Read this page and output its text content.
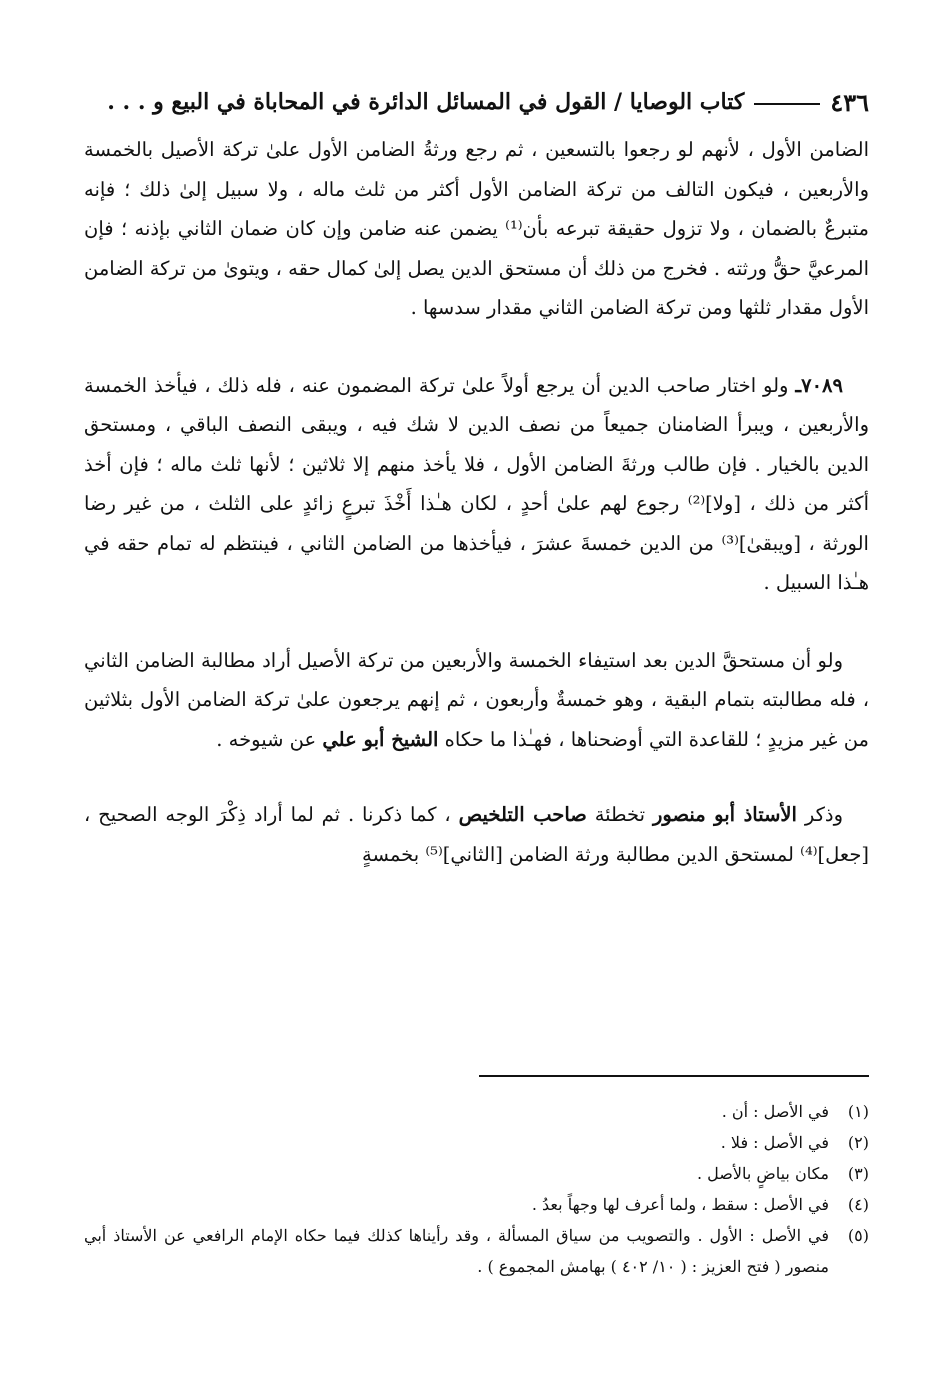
٤٣٦
كتاب الوصايا / القول في المسائل الدائرة في المحاباة في البيع و . . .

الضامن الأول ، لأنهم لو رجعوا بالتسعين ، ثم رجع ورثةُ الضامن الأول علىٰ تركة الأصيل بالخمسة والأربعين ، فيكون التالف من تركة الضامن الأول أكثر من ثلث ماله ، ولا سبيل إلىٰ ذلك ؛ فإنه متبرعٌ بالضمان ، ولا تزول حقيقة تبرعه بأن⁽¹⁾ يضمن عنه ضامن وإن كان ضمان الثاني بإذنه ؛ فإن المرعيَّ حقُّ ورثته . فخرج من ذلك أن مستحق الدين يصل إلىٰ كمال حقه ، ويتوىٰ من تركة الضامن الأول مقدار ثلثها ومن تركة الضامن الثاني مقدار سدسها .

٧٠٨٩ـ ولو اختار صاحب الدين أن يرجع أولاً علىٰ تركة المضمون عنه ، فله ذلك ، فيأخذ الخمسة والأربعين ، ويبرأ الضامنان جميعاً من نصف الدين لا شك فيه ، ويبقى النصف الباقي ، ومستحق الدين بالخيار . فإن طالب ورثةَ الضامن الأول ، فلا يأخذ منهم إلا ثلاثين ؛ لأنها ثلث ماله ؛ فإن أخذ أكثر من ذلك ، [ولا]⁽²⁾ رجوع لهم علىٰ أحدٍ ، لكان هـٰذا أَخْذَ تبرعٍ زائدٍ على الثلث ، من غير رضا الورثة ، [ويبقىٰ]⁽³⁾ من الدين خمسةَ عشرَ ، فيأخذها من الضامن الثاني ، فينتظم له تمام حقه في هـٰذا السبيل .

ولو أن مستحقَّ الدين بعد استيفاء الخمسة والأربعين من تركة الأصيل أراد مطالبة الضامن الثاني ، فله مطالبته بتمام البقية ، وهو خمسةٌ وأربعون ، ثم إنهم يرجعون علىٰ تركة الضامن الأول بثلاثين من غير مزيدٍ ؛ للقاعدة التي أوضحناها ، فهـٰذا ما حكاه الشيخ أبو علي عن شيوخه .

وذكر الأستاذ أبو منصور تخطئة صاحب التلخيص ، كما ذكرنا . ثم لما أراد ذِكْرَ الوجه الصحيح ، [جعل]⁽⁴⁾ لمستحق الدين مطالبة ورثة الضامن [الثاني]⁽⁵⁾ بخمسةٍ

(١)
في الأصل : أن .
(٢)
في الأصل : فلا .
(٣)
مكان بياضٍ بالأصل .
(٤)
في الأصل : سقط ، ولما أعرف لها وجهاً بعدُ .
(٥)
في الأصل : الأول . والتصويب من سياق المسألة ، وقد رأيناها كذلك فيما حكاه الإمام الرافعي عن الأستاذ أبي منصور ( فتح العزيز : ( ١٠/ ٤٠٢ ) بهامش المجموع ) .
